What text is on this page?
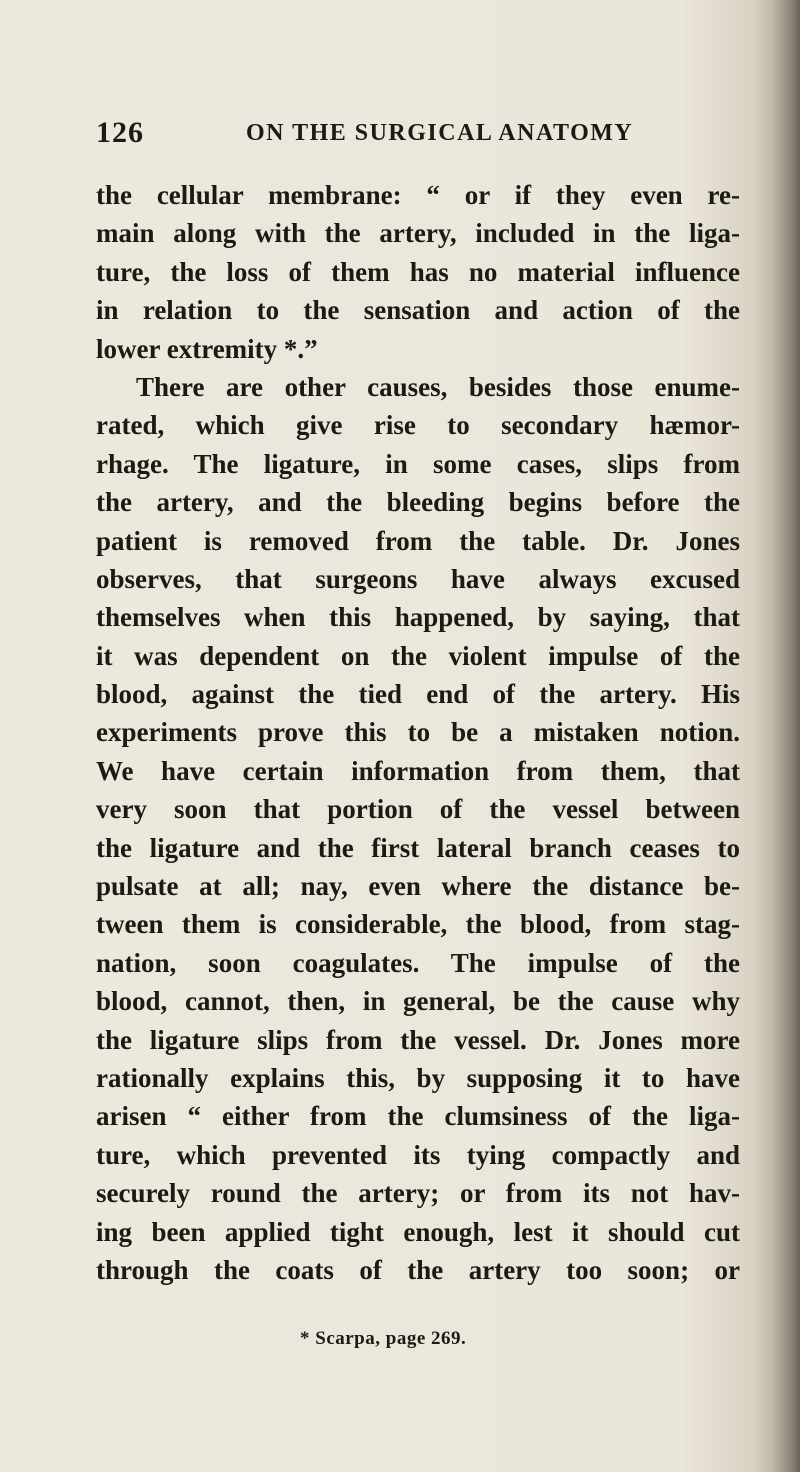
126	ON THE SURGICAL ANATOMY
the cellular membrane: “ or if they even re-
main along with the artery, included in the liga-
ture, the loss of them has no material influence
in relation to the sensation and action of the
lower extremity *.”
There are other causes, besides those enume-
rated, which give rise to secondary hæmor-
rhage. The ligature, in some cases, slips from
the artery, and the bleeding begins before the
patient is removed from the table. Dr. Jones
observes, that surgeons have always excused
themselves when this happened, by saying, that
it was dependent on the violent impulse of the
blood, against the tied end of the artery. His
experiments prove this to be a mistaken notion.
We have certain information from them, that
very soon that portion of the vessel between
the ligature and the first lateral branch ceases to
pulsate at all; nay, even where the distance be-
tween them is considerable, the blood, from stag-
nation, soon coagulates. The impulse of the
blood, cannot, then, in general, be the cause why
the ligature slips from the vessel. Dr. Jones more
rationally explains this, by supposing it to have
arisen “ either from the clumsiness of the liga-
ture, which prevented its tying compactly and
securely round the artery; or from its not hav-
ing been applied tight enough, lest it should cut
through the coats of the artery too soon; or
* Scarpa, page 269.
